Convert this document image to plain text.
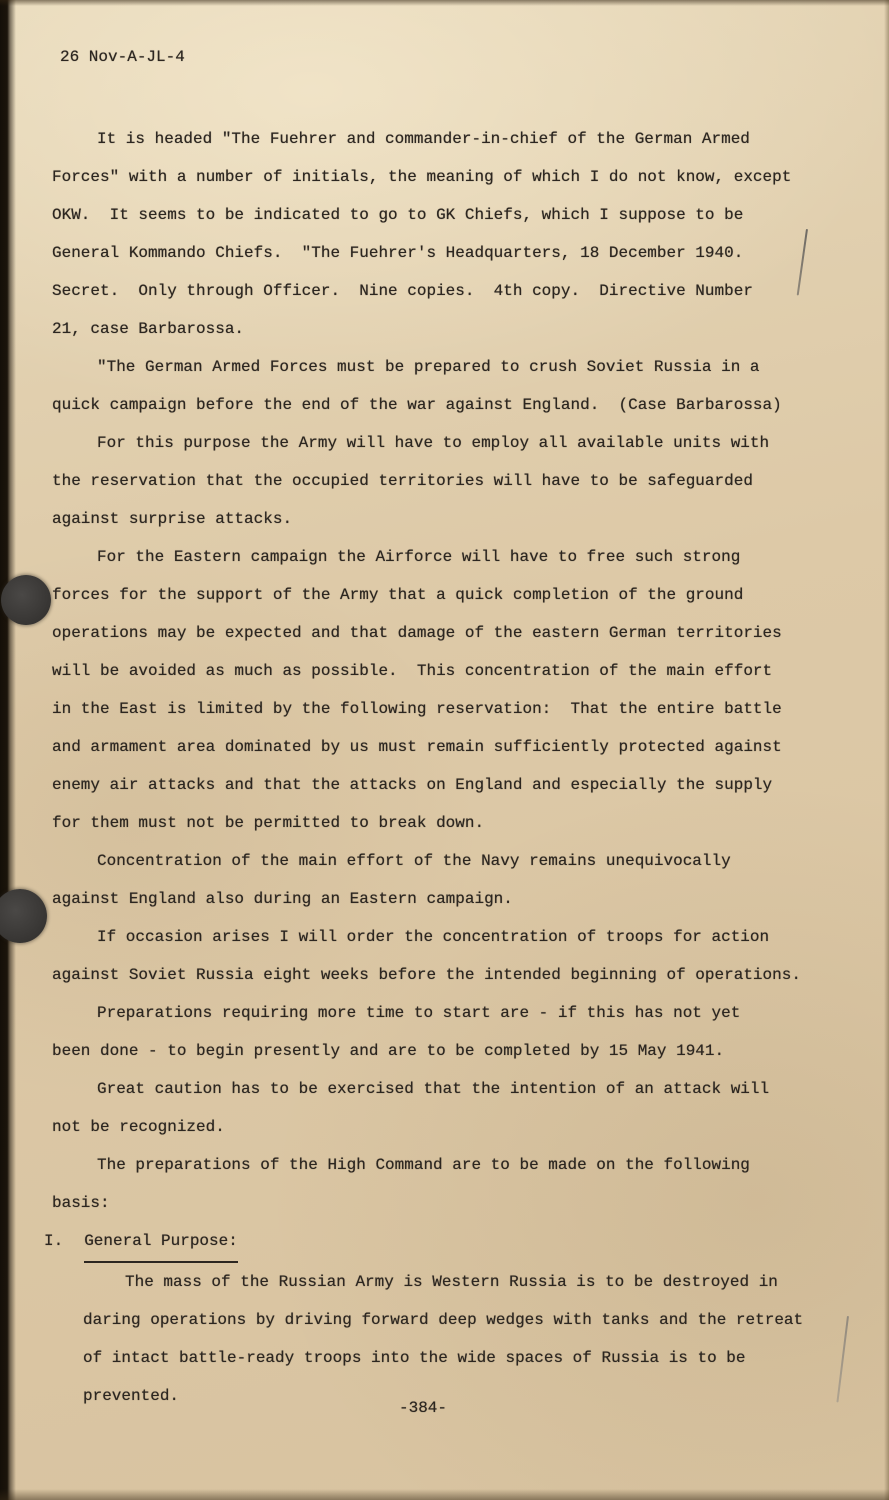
26 Nov-A-JL-4

It is headed "The Fuehrer and commander-in-chief of the German Armed
Forces" with a number of initials, the meaning of which I do not know, except
OKW.  It seems to be indicated to go to GK Chiefs, which I suppose to be
General Kommando Chiefs.  "The Fuehrer's Headquarters, 18 December 1940.
Secret.  Only through Officer.  Nine copies.  4th copy.  Directive Number
21, case Barbarossa.

"The German Armed Forces must be prepared to crush Soviet Russia in a
quick campaign before the end of the war against England.  (Case Barbarossa)

For this purpose the Army will have to employ all available units with
the reservation that the occupied territories will have to be safeguarded
against surprise attacks.

For the Eastern campaign the Airforce will have to free such strong
forces for the support of the Army that a quick completion of the ground
operations may be expected and that damage of the eastern German territories
will be avoided as much as possible.  This concentration of the main effort
in the East is limited by the following reservation:  That the entire battle
and armament area dominated by us must remain sufficiently protected against
enemy air attacks and that the attacks on England and especially the supply
for them must not be permitted to break down.

Concentration of the main effort of the Navy remains unequivocally
against England also during an Eastern campaign.

If occasion arises I will order the concentration of troops for action
against Soviet Russia eight weeks before the intended beginning of operations.

Preparations requiring more time to start are - if this has not yet
been done - to begin presently and are to be completed by 15 May 1941.

Great caution has to be exercised that the intention of an attack will
not be recognized.

The preparations of the High Command are to be made on the following
basis:

I. General Purpose:
The mass of the Russian Army is Western Russia is to be destroyed in
daring operations by driving forward deep wedges with tanks and the retreat
of intact battle-ready troops into the wide spaces of Russia is to be
prevented.
-384-
